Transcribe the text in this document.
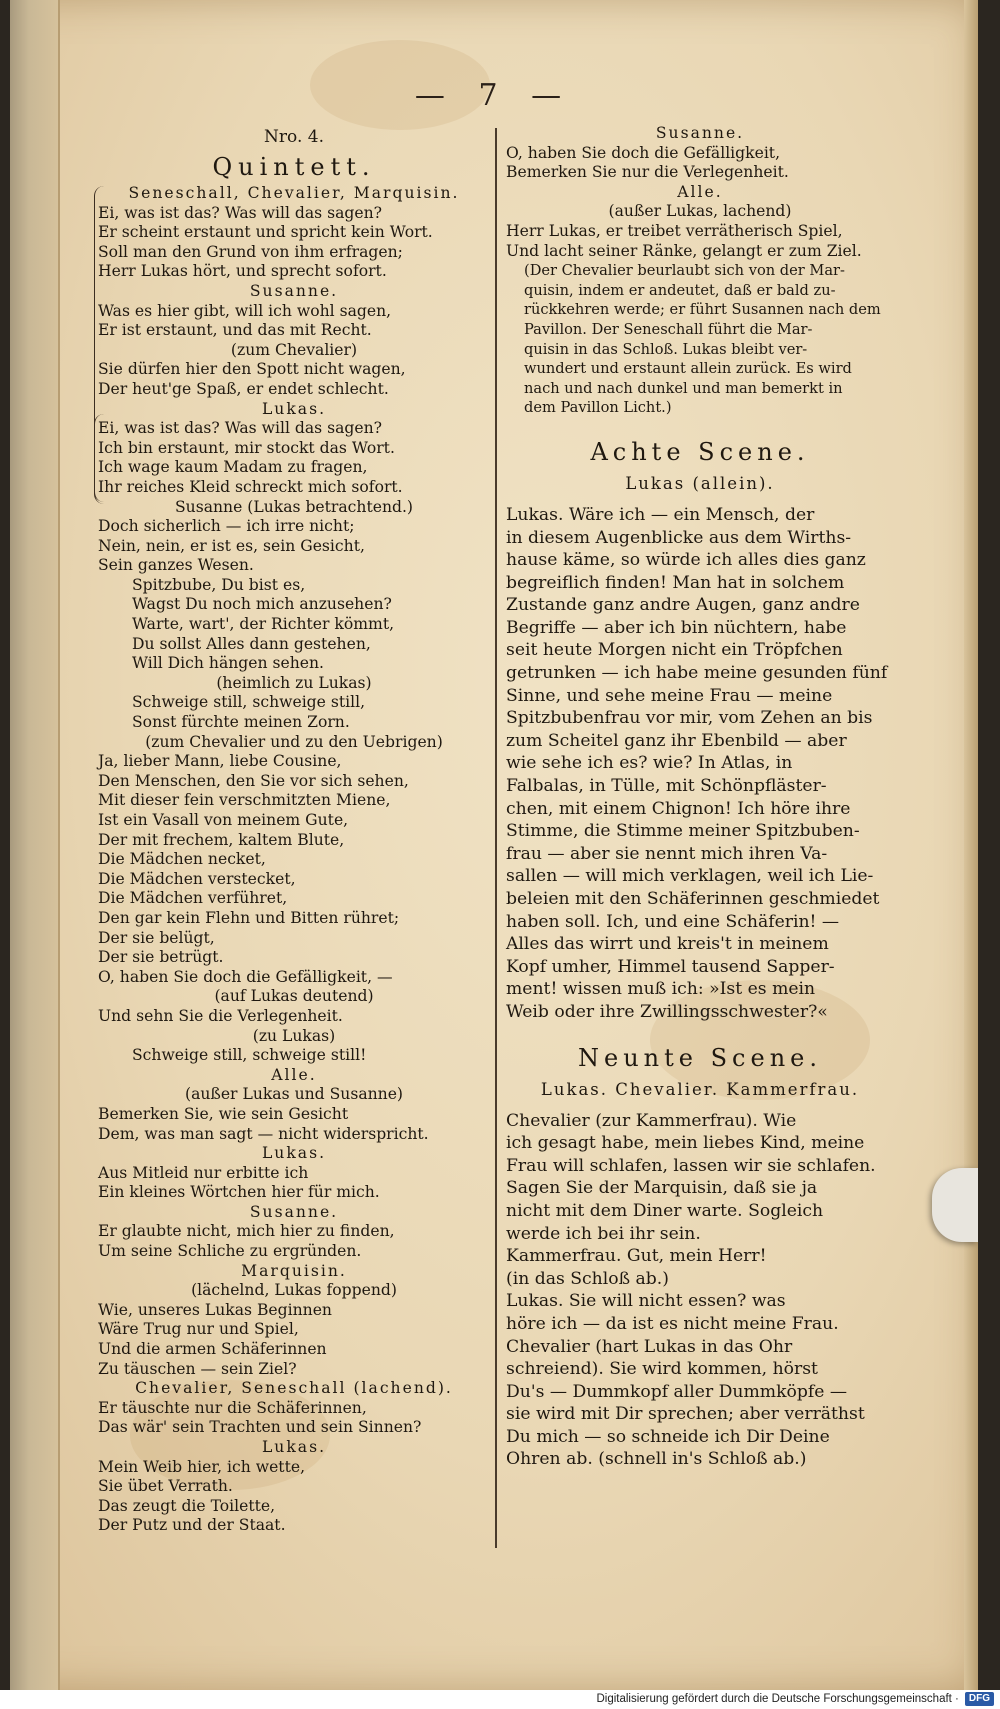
— 7 —
Nro. 4.
Quintett.
Seneschall, Chevalier, Marquisin.
Ei, was ist das? Was will das sagen?
Er scheint erstaunt und spricht kein Wort.
Soll man den Grund von ihm erfragen;
Herr Lukas hört, und sprecht sofort.
Susanne.
Was es hier gibt, will ich wohl sagen,
Er ist erstaunt, und das mit Recht.
(zum Chevalier)
Sie dürfen hier den Spott nicht wagen,
Der heut'ge Spaß, er endet schlecht.
Lukas.
Ei, was ist das? Was will das sagen?
Ich bin erstaunt, mir stockt das Wort.
Ich wage kaum Madam zu fragen,
Ihr reiches Kleid schreckt mich sofort.
Susanne (Lukas betrachtend.)
Doch sicherlich — ich irre nicht;
Nein, nein, er ist es, sein Gesicht,
Sein ganzes Wesen.
Spitzbube, Du bist es,
Wagst Du noch mich anzusehen?
Warte, wart', der Richter kömmt,
Du sollst Alles dann gestehen,
Will Dich hängen sehen.
(heimlich zu Lukas)
Schweige still, schweige still,
Sonst fürchte meinen Zorn.
(zum Chevalier und zu den Uebrigen)
Ja, lieber Mann, liebe Cousine,
Den Menschen, den Sie vor sich sehen,
Mit dieser fein verschmitzten Miene,
Ist ein Vasall von meinem Gute,
Der mit frechem, kaltem Blute,
Die Mädchen necket,
Die Mädchen verstecket,
Die Mädchen verführet,
Den gar kein Flehn und Bitten rühret;
Der sie belügt,
Der sie betrügt.
O, haben Sie doch die Gefälligkeit, —
(auf Lukas deutend)
Und sehn Sie die Verlegenheit.
(zu Lukas)
Schweige still, schweige still!
Alle.
(außer Lukas und Susanne)
Bemerken Sie, wie sein Gesicht
Dem, was man sagt — nicht widerspricht.
Lukas.
Aus Mitleid nur erbitte ich
Ein kleines Wörtchen hier für mich.
Susanne.
Er glaubte nicht, mich hier zu finden,
Um seine Schliche zu ergründen.
Marquisin.
(lächelnd, Lukas foppend)
Wie, unseres Lukas Beginnen
Wäre Trug nur und Spiel,
Und die armen Schäferinnen
Zu täuschen — sein Ziel?
Chevalier, Seneschall (lachend).
Er täuschte nur die Schäferinnen,
Das wär' sein Trachten und sein Sinnen?
Lukas.
Mein Weib hier, ich wette,
Sie übet Verrath.
Das zeugt die Toilette,
Der Putz und der Staat.
Susanne.
O, haben Sie doch die Gefälligkeit,
Bemerken Sie nur die Verlegenheit.
Alle.
(außer Lukas, lachend)
Herr Lukas, er treibet verrätherisch Spiel,
Und lacht seiner Ränke, gelangt er zum Ziel.
(Der Chevalier beurlaubt sich von der Mar-
quisin, indem er andeutet, daß er bald zu-
rückkehren werde; er führt Susannen nach dem
Pavillon. Der Seneschall führt die Mar-
quisin in das Schloß. Lukas bleibt ver-
wundert und erstaunt allein zurück. Es wird
nach und nach dunkel und man bemerkt in
dem Pavillon Licht.)
Achte Scene.
Lukas (allein).
Lukas. Wäre ich — ein Mensch, der
in diesem Augenblicke aus dem Wirths-
hause käme, so würde ich alles dies ganz
begreiflich finden! Man hat in solchem
Zustande ganz andre Augen, ganz andre
Begriffe — aber ich bin nüchtern, habe
seit heute Morgen nicht ein Tröpfchen
getrunken — ich habe meine gesunden fünf
Sinne, und sehe meine Frau — meine
Spitzbubenfrau vor mir, vom Zehen an bis
zum Scheitel ganz ihr Ebenbild — aber
wie sehe ich es? wie? In Atlas, in
Falbalas, in Tülle, mit Schönpfläster-
chen, mit einem Chignon! Ich höre ihre
Stimme, die Stimme meiner Spitzbuben-
frau — aber sie nennt mich ihren Va-
sallen — will mich verklagen, weil ich Lie-
beleien mit den Schäferinnen geschmiedet
haben soll. Ich, und eine Schäferin! —
Alles das wirrt und kreis't in meinem
Kopf umher, Himmel tausend Sapper-
ment! wissen muß ich: »Ist es mein
Weib oder ihre Zwillingsschwester?«
Neunte Scene.
Lukas. Chevalier. Kammerfrau.
Chevalier (zur Kammerfrau). Wie
ich gesagt habe, mein liebes Kind, meine
Frau will schlafen, lassen wir sie schlafen.
Sagen Sie der Marquisin, daß sie ja
nicht mit dem Diner warte. Sogleich
werde ich bei ihr sein.
Kammerfrau. Gut, mein Herr!
(in das Schloß ab.)
Lukas. Sie will nicht essen? was
höre ich — da ist es nicht meine Frau.
Chevalier (hart Lukas in das Ohr
schreiend). Sie wird kommen, hörst
Du's — Dummkopf aller Dummköpfe —
sie wird mit Dir sprechen; aber verräthst
Du mich — so schneide ich Dir Deine
Ohren ab. (schnell in's Schloß ab.)
Digitalisierung gefördert durch die Deutsche Forschungsgemeinschaft · DFG
